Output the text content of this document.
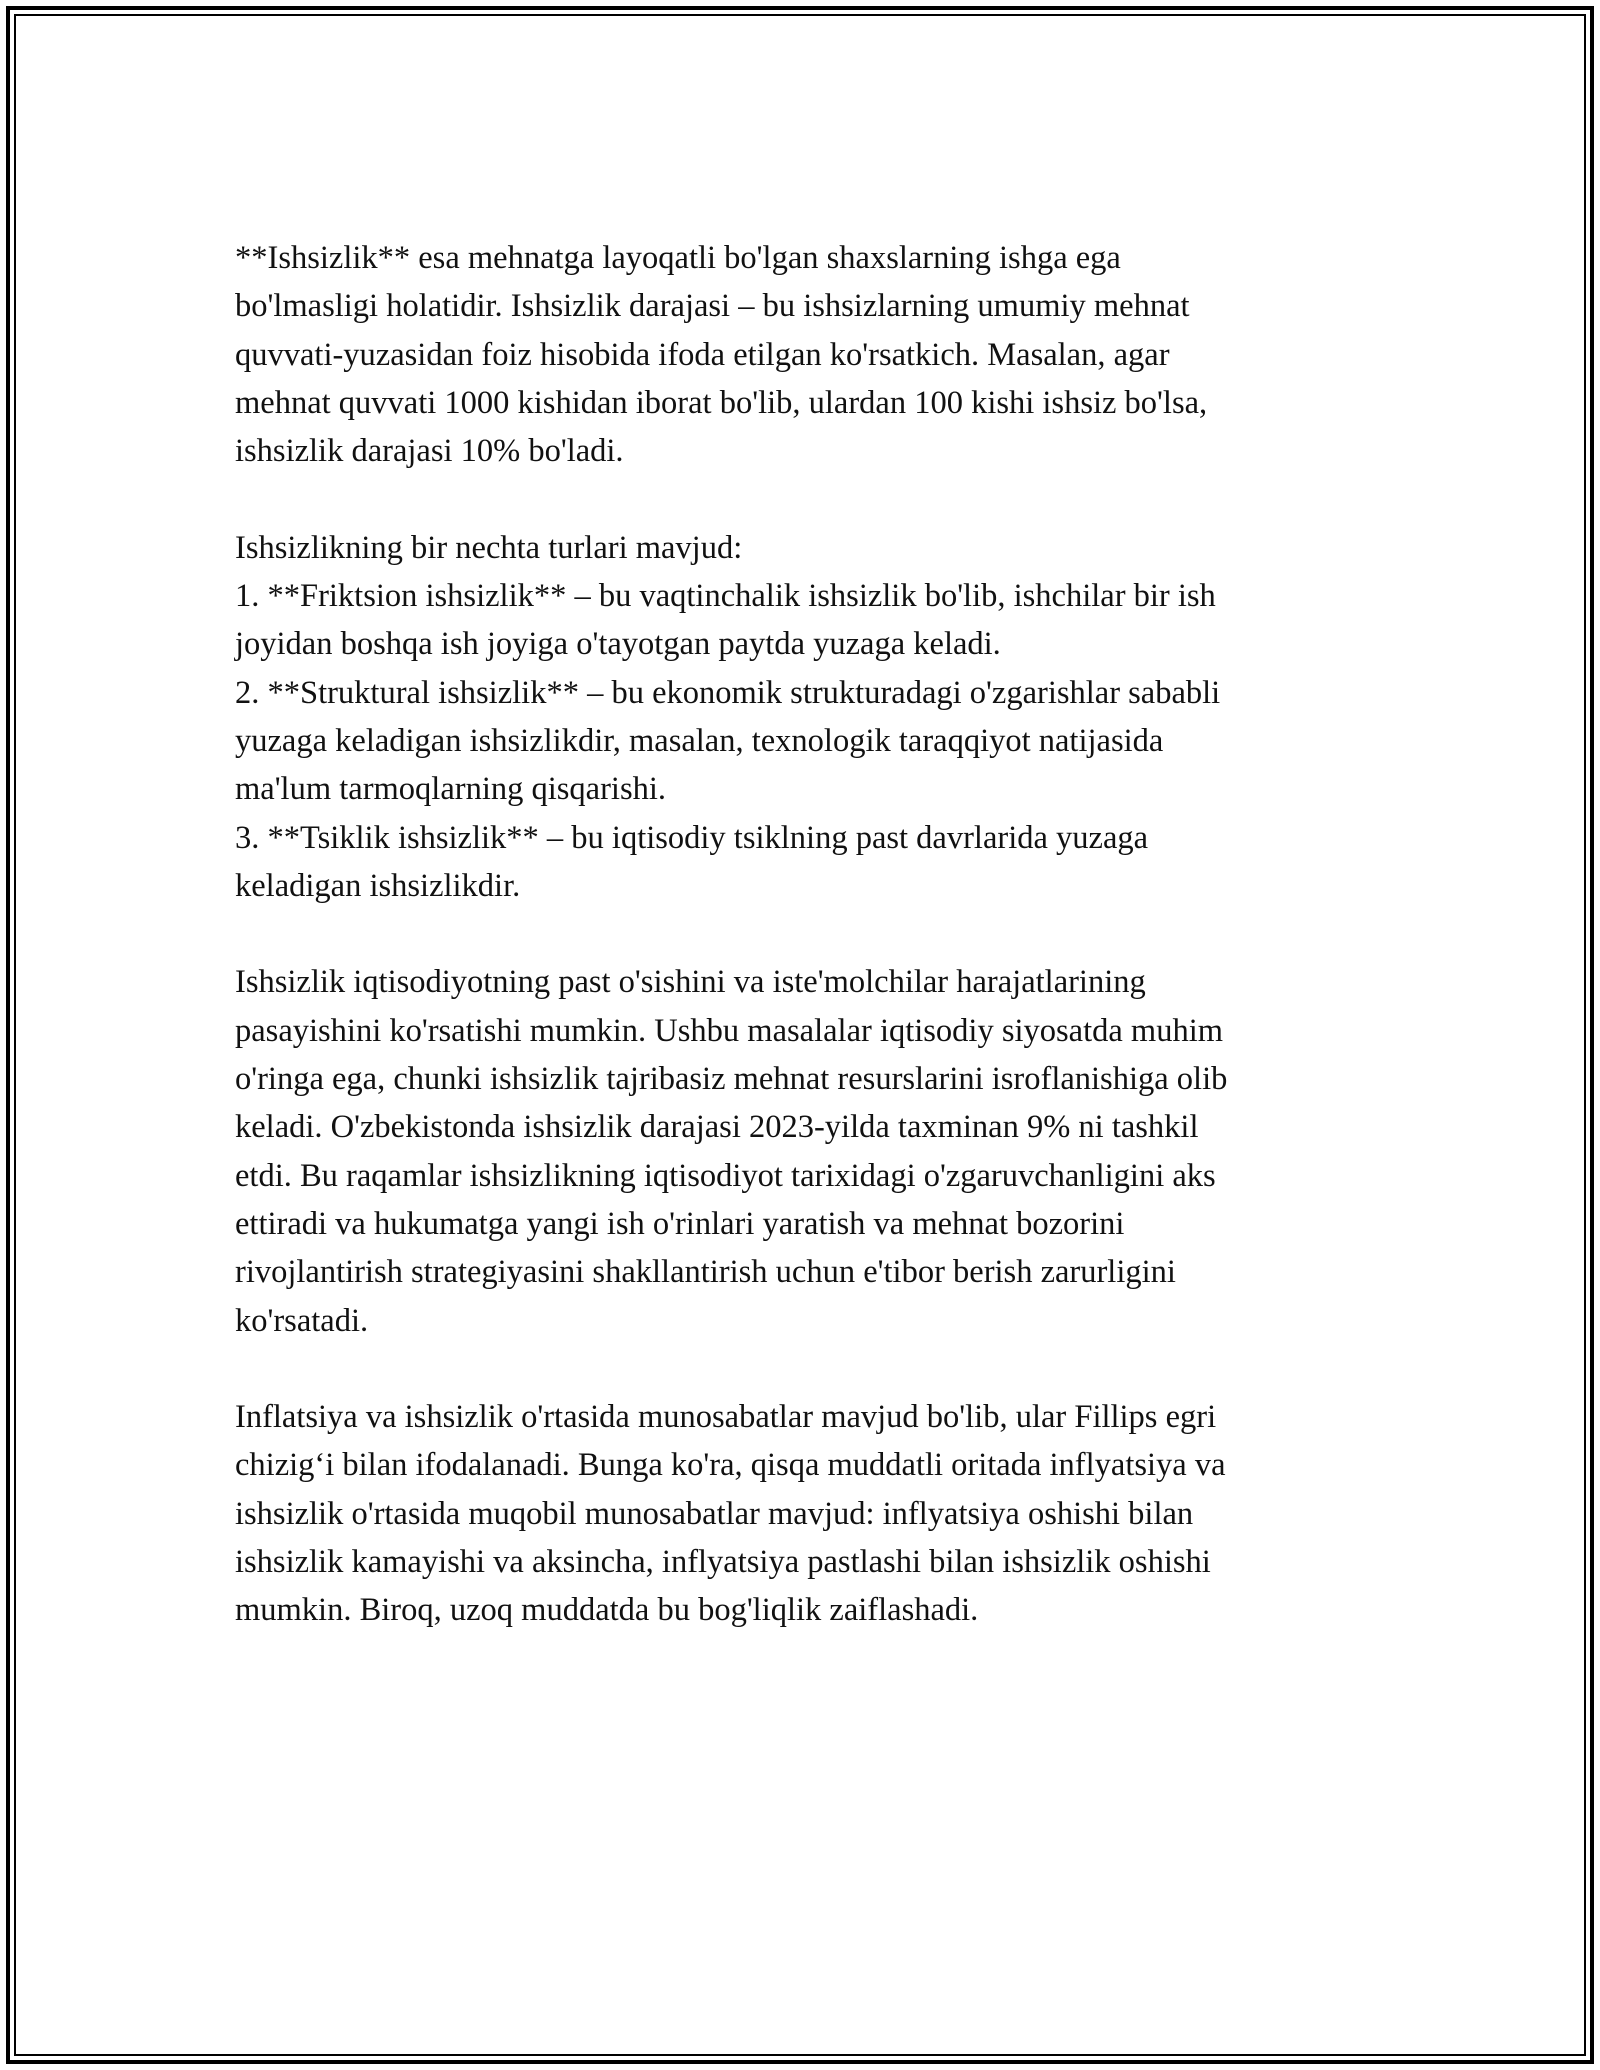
**Ishsizlik** esa mehnatga layoqatli bo'lgan shaxslarning ishga ega
bo'lmasligi holatidir. Ishsizlik darajasi – bu ishsizlarning umumiy mehnat
quvvati-yuzasidan foiz hisobida ifoda etilgan ko'rsatkich. Masalan, agar
mehnat quvvati 1000 kishidan iborat bo'lib, ulardan 100 kishi ishsiz bo'lsa,
ishsizlik darajasi 10% bo'ladi.

Ishsizlikning bir nechta turlari mavjud:
1. **Friktsion ishsizlik** – bu vaqtinchalik ishsizlik bo'lib, ishchilar bir ish
joyidan boshqa ish joyiga o'tayotgan paytda yuzaga keladi.
2. **Struktural ishsizlik** – bu ekonomik strukturadagi o'zgarishlar sababli
yuzaga keladigan ishsizlikdir, masalan, texnologik taraqqiyot natijasida
ma'lum tarmoqlarning qisqarishi.
3. **Tsiklik ishsizlik** – bu iqtisodiy tsiklning past davrlarida yuzaga
keladigan ishsizlikdir.

Ishsizlik iqtisodiyotning past o'sishini va iste'molchilar harajatlarining
pasayishini ko'rsatishi mumkin. Ushbu masalalar iqtisodiy siyosatda muhim
o'ringa ega, chunki ishsizlik tajribasiz mehnat resurslarini isroflanishiga olib
keladi. O'zbekistonda ishsizlik darajasi 2023-yilda taxminan 9% ni tashkil
etdi. Bu raqamlar ishsizlikning iqtisodiyot tarixidagi o'zgaruvchanligini aks
ettiradi va hukumatga yangi ish o'rinlari yaratish va mehnat bozorini
rivojlantirish strategiyasini shakllantirish uchun e'tibor berish zarurligini
ko'rsatadi.

Inflatsiya va ishsizlik o'rtasida munosabatlar mavjud bo'lib, ular Fillips egri
chizig‘i bilan ifodalanadi. Bunga ko'ra, qisqa muddatli oritada inflyatsiya va
ishsizlik o'rtasida muqobil munosabatlar mavjud: inflyatsiya oshishi bilan
ishsizlik kamayishi va aksincha, inflyatsiya pastlashi bilan ishsizlik oshishi
mumkin. Biroq, uzoq muddatda bu bog'liqlik zaiflashadi.
